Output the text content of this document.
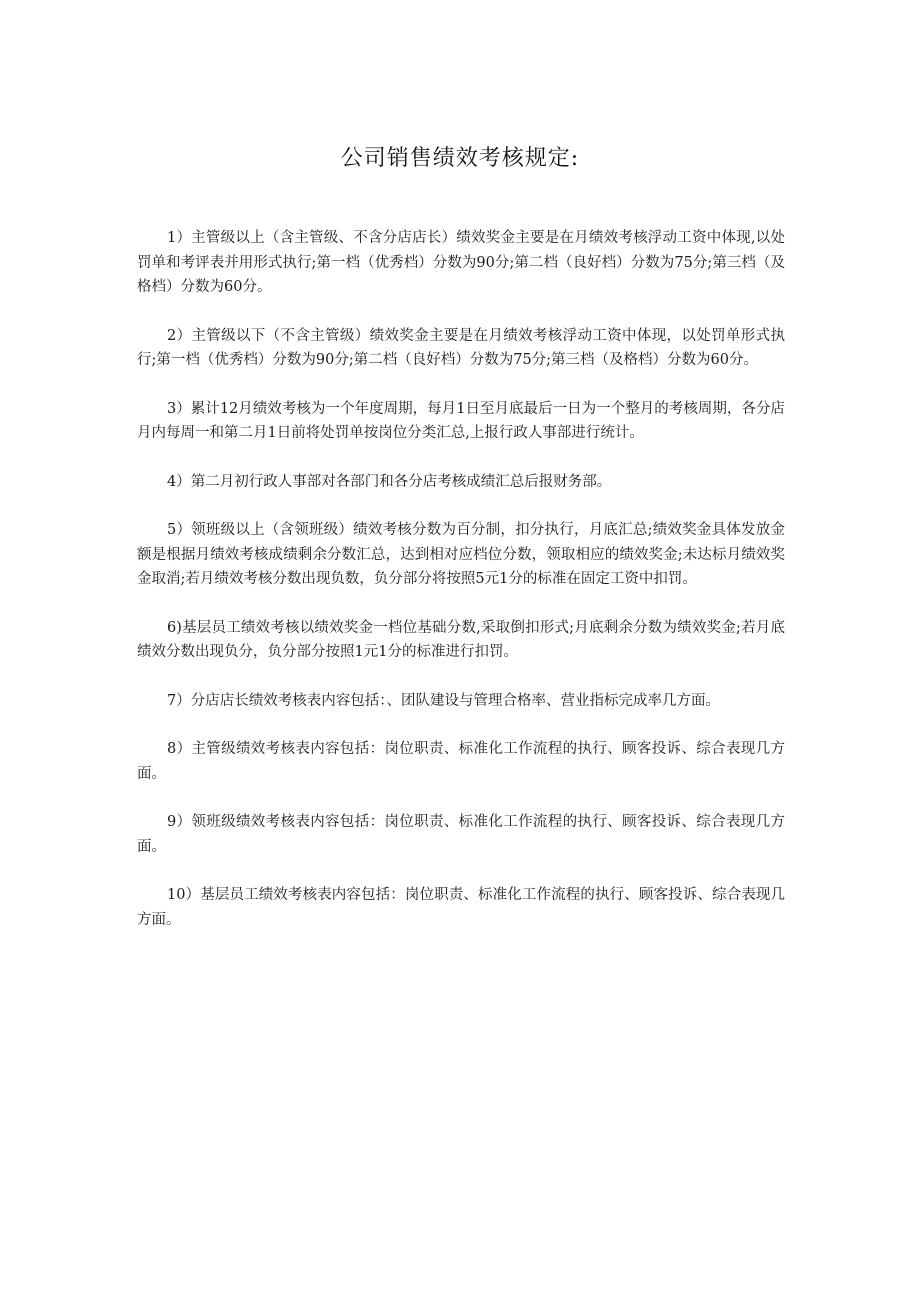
公司销售绩效考核规定:

1）主管级以上（含主管级、不含分店店长）绩效奖金主要是在月绩效考核浮动工资中体现,以处罚单和考评表并用形式执行;第一档（优秀档）分数为90分;第二档（良好档）分数为75分;第三档（及格档）分数为60分。

2）主管级以下（不含主管级）绩效奖金主要是在月绩效考核浮动工资中体现，以处罚单形式执行;第一档（优秀档）分数为90分;第二档（良好档）分数为75分;第三档（及格档）分数为60分。

3）累计12月绩效考核为一个年度周期，每月1日至月底最后一日为一个整月的考核周期，各分店月内每周一和第二月1日前将处罚单按岗位分类汇总,上报行政人事部进行统计。

4）第二月初行政人事部对各部门和各分店考核成绩汇总后报财务部。

5）领班级以上（含领班级）绩效考核分数为百分制，扣分执行，月底汇总;绩效奖金具体发放金额是根据月绩效考核成绩剩余分数汇总，达到相对应档位分数，领取相应的绩效奖金;未达标月绩效奖金取消;若月绩效考核分数出现负数，负分部分将按照5元1分的标准在固定工资中扣罚。

6)基层员工绩效考核以绩效奖金一档位基础分数,采取倒扣形式;月底剩余分数为绩效奖金;若月底绩效分数出现负分，负分部分按照1元1分的标准进行扣罚。

7）分店店长绩效考核表内容包括：、团队建设与管理合格率、营业指标完成率几方面。

8）主管级绩效考核表内容包括：岗位职责、标准化工作流程的执行、顾客投诉、综合表现几方面。

9）领班级绩效考核表内容包括：岗位职责、标准化工作流程的执行、顾客投诉、综合表现几方面。

10）基层员工绩效考核表内容包括：岗位职责、标准化工作流程的执行、顾客投诉、综合表现几方面。
